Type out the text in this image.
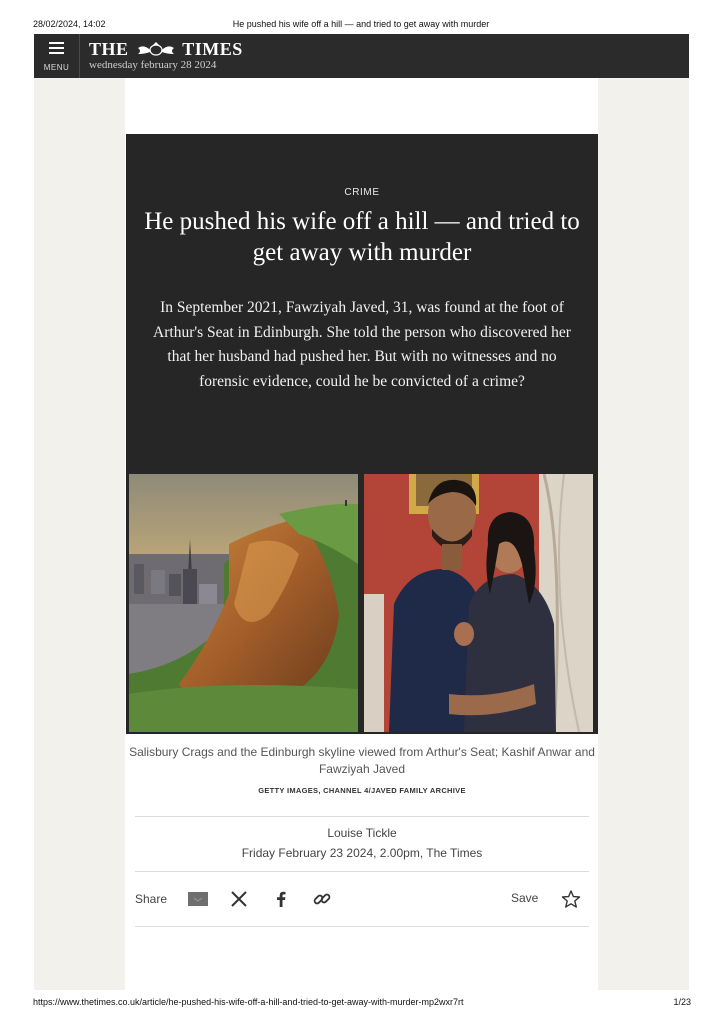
28/02/2024, 14:02	He pushed his wife off a hill — and tried to get away with murder
MENU
THE	TIMES
wednesday february 28 2024
CRIME
He pushed his wife off a hill — and tried to get away with murder

In September 2021, Fawziyah Javed, 31, was found at the foot of Arthur's Seat in Edinburgh. She told the person who discovered her that her husband had pushed her. But with no witnesses and no forensic evidence, could he be convicted of a crime?

Salisbury Crags and the Edinburgh skyline viewed from Arthur's Seat; Kashif Anwar and Fawziyah Javed
GETTY IMAGES, CHANNEL 4/JAVED FAMILY ARCHIVE
Louise Tickle
Friday February 23 2024, 2.00pm, The Times
Share	Save
https://www.thetimes.co.uk/article/he-pushed-his-wife-off-a-hill-and-tried-to-get-away-with-murder-mp2wxr7rt	1/23
